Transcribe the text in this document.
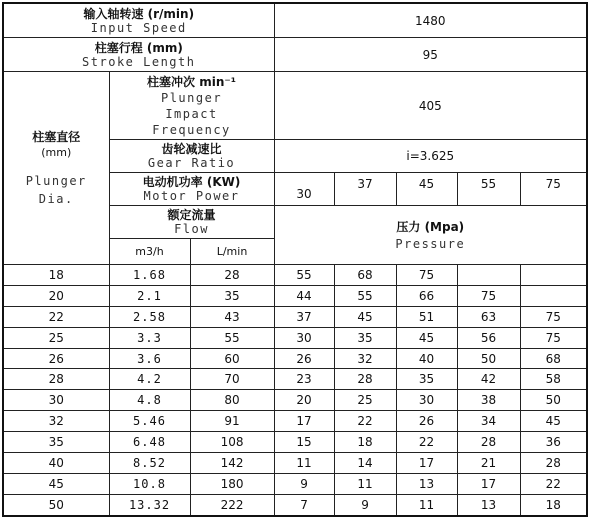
输入轴转速 (r/min)
Input Speed			1480				

柱塞行程 (mm)
Stroke Length			95				

柱塞直径
(mm)
Plunger
Dia.	柱塞冲次 min⁻¹
Plunger
Impact
Frequency		405				

	齿轮减速比
Gear Ratio		i=3.625				

	电动机功率 (KW)
Motor Power		30	37	45	55	75

	额定流量
Flow		压力 (Mpa)
Pressure				

	m3/h	L/min					
18	1.68	28	55	68	75		
20	2.1	35	44	55	66	75	
22	2.58	43	37	45	51	63	75
25	3.3	55	30	35	45	56	75
26	3.6	60	26	32	40	50	68
28	4.2	70	23	28	35	42	58
30	4.8	80	20	25	30	38	50
32	5.46	91	17	22	26	34	45
35	6.48	108	15	18	22	28	36
40	8.52	142	11	14	17	21	28
45	10.8	180	9	11	13	17	22
50	13.32	222	7	9	11	13	18
